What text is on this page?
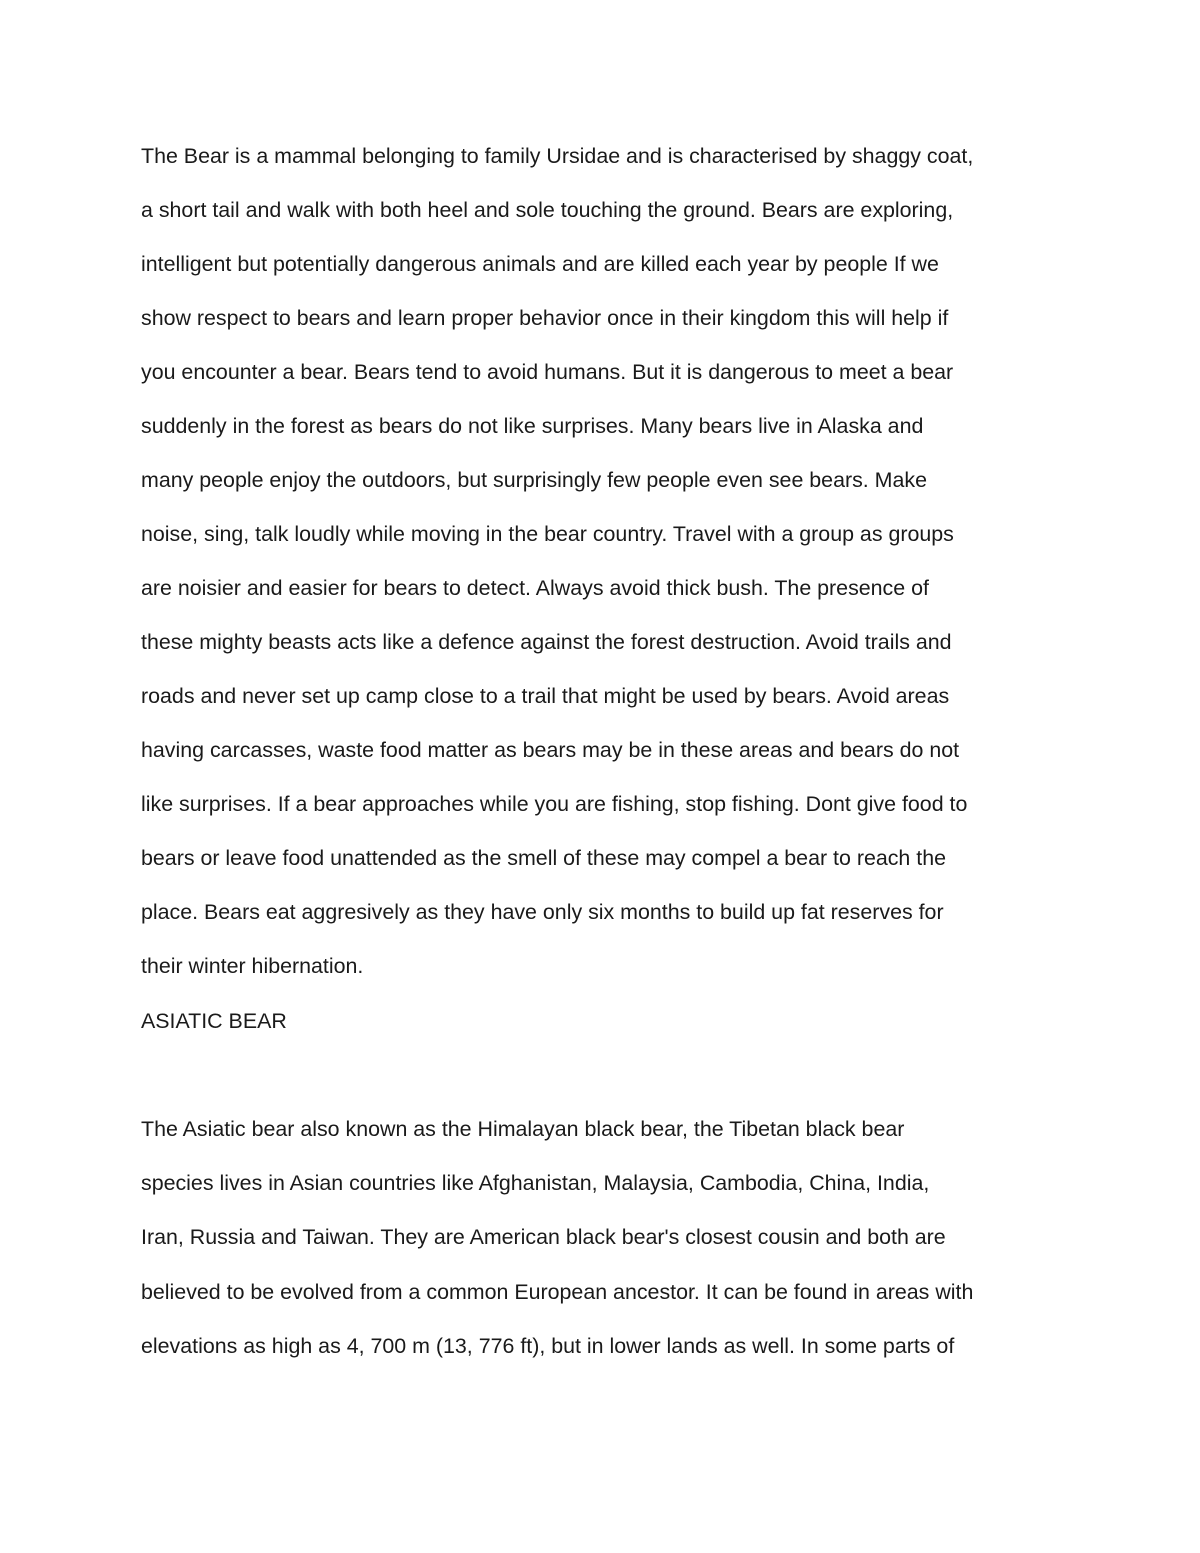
The Bear is a mammal belonging to family Ursidae and is characterised by shaggy coat,
a short tail and walk with both heel and sole touching the ground. Bears are exploring,
intelligent but potentially dangerous animals and are killed each year by people If we
show respect to bears and learn proper behavior once in their kingdom this will help if
you encounter a bear. Bears tend to avoid humans. But it is dangerous to meet a bear
suddenly in the forest as bears do not like surprises. Many bears live in Alaska and
many people enjoy the outdoors, but surprisingly few people even see bears. Make
noise, sing, talk loudly while moving in the bear country. Travel with a group as groups
are noisier and easier for bears to detect. Always avoid thick bush. The presence of
these mighty beasts acts like a defence against the forest destruction. Avoid trails and
roads and never set up camp close to a trail that might be used by bears. Avoid areas
having carcasses, waste food matter as bears may be in these areas and bears do not
like surprises. If a bear approaches while you are fishing, stop fishing. Dont give food to
bears or leave food unattended as the smell of these may compel a bear to reach the
place. Bears eat aggresively as they have only six months to build up fat reserves for
their winter hibernation.
ASIATIC BEAR
The Asiatic bear also known as the Himalayan black bear, the Tibetan black bear
species lives in Asian countries like Afghanistan, Malaysia, Cambodia, China, India,
Iran, Russia and Taiwan. They are American black bear's closest cousin and both are
believed to be evolved from a common European ancestor. It can be found in areas with
elevations as high as 4, 700 m (13, 776 ft), but in lower lands as well. In some parts of
